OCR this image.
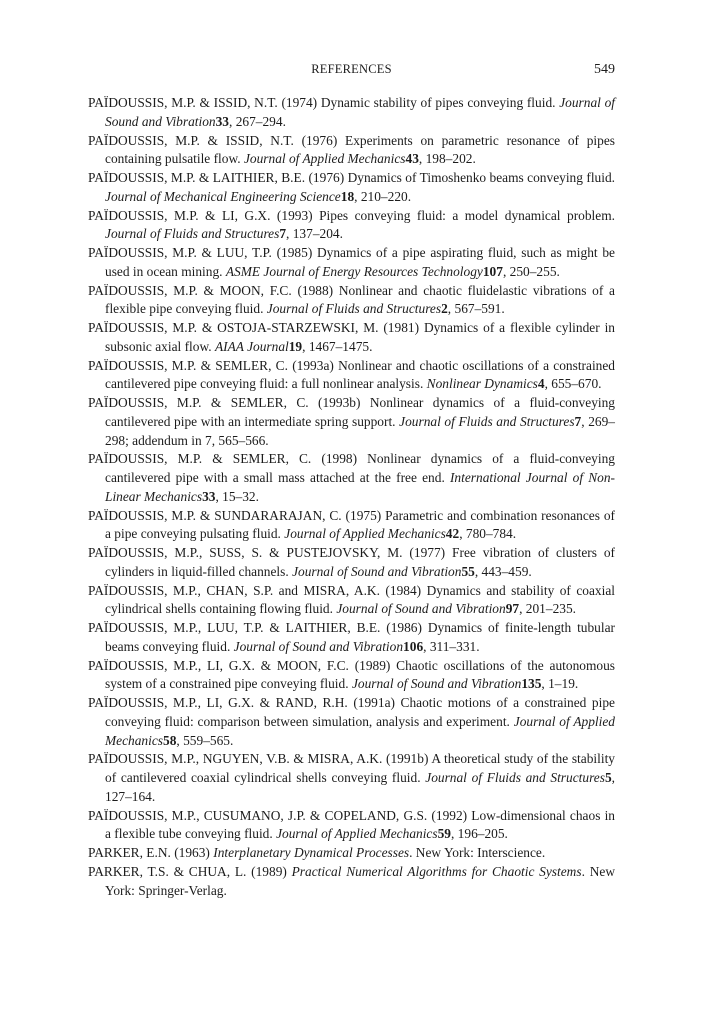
REFERENCES	549
PAÏDOUSSIS, M.P. & ISSID, N.T. (1974) Dynamic stability of pipes conveying fluid. Journal of Sound and Vibration33, 267–294.
PAÏDOUSSIS, M.P. & ISSID, N.T. (1976) Experiments on parametric resonance of pipes containing pulsatile flow. Journal of Applied Mechanics43, 198–202.
PAÏDOUSSIS, M.P. & LAITHIER, B.E. (1976) Dynamics of Timoshenko beams conveying fluid. Journal of Mechanical Engineering Science18, 210–220.
PAÏDOUSSIS, M.P. & LI, G.X. (1993) Pipes conveying fluid: a model dynamical problem. Journal of Fluids and Structures7, 137–204.
PAÏDOUSSIS, M.P. & LUU, T.P. (1985) Dynamics of a pipe aspirating fluid, such as might be used in ocean mining. ASME Journal of Energy Resources Technology107, 250–255.
PAÏDOUSSIS, M.P. & MOON, F.C. (1988) Nonlinear and chaotic fluidelastic vibrations of a flexible pipe conveying fluid. Journal of Fluids and Structures2, 567–591.
PAÏDOUSSIS, M.P. & OSTOJA-STARZEWSKI, M. (1981) Dynamics of a flexible cylinder in subsonic axial flow. AIAA Journal19, 1467–1475.
PAÏDOUSSIS, M.P. & SEMLER, C. (1993a) Nonlinear and chaotic oscillations of a constrained cantilevered pipe conveying fluid: a full nonlinear analysis. Nonlinear Dynamics4, 655–670.
PAÏDOUSSIS, M.P. & SEMLER, C. (1993b) Nonlinear dynamics of a fluid-conveying cantilevered pipe with an intermediate spring support. Journal of Fluids and Structures7, 269–298; addendum in 7, 565–566.
PAÏDOUSSIS, M.P. & SEMLER, C. (1998) Nonlinear dynamics of a fluid-conveying cantilevered pipe with a small mass attached at the free end. International Journal of Non-Linear Mechanics33, 15–32.
PAÏDOUSSIS, M.P. & SUNDARARAJAN, C. (1975) Parametric and combination resonances of a pipe conveying pulsating fluid. Journal of Applied Mechanics42, 780–784.
PAÏDOUSSIS, M.P., SUSS, S. & PUSTEJOVSKY, M. (1977) Free vibration of clusters of cylinders in liquid-filled channels. Journal of Sound and Vibration55, 443–459.
PAÏDOUSSIS, M.P., CHAN, S.P. and MISRA, A.K. (1984) Dynamics and stability of coaxial cylindrical shells containing flowing fluid. Journal of Sound and Vibration97, 201–235.
PAÏDOUSSIS, M.P., LUU, T.P. & LAITHIER, B.E. (1986) Dynamics of finite-length tubular beams conveying fluid. Journal of Sound and Vibration106, 311–331.
PAÏDOUSSIS, M.P., LI, G.X. & MOON, F.C. (1989) Chaotic oscillations of the autonomous system of a constrained pipe conveying fluid. Journal of Sound and Vibration135, 1–19.
PAÏDOUSSIS, M.P., LI, G.X. & RAND, R.H. (1991a) Chaotic motions of a constrained pipe conveying fluid: comparison between simulation, analysis and experiment. Journal of Applied Mechanics58, 559–565.
PAÏDOUSSIS, M.P., NGUYEN, V.B. & MISRA, A.K. (1991b) A theoretical study of the stability of cantilevered coaxial cylindrical shells conveying fluid. Journal of Fluids and Structures5, 127–164.
PAÏDOUSSIS, M.P., CUSUMANO, J.P. & COPELAND, G.S. (1992) Low-dimensional chaos in a flexible tube conveying fluid. Journal of Applied Mechanics59, 196–205.
PARKER, E.N. (1963) Interplanetary Dynamical Processes. New York: Interscience.
PARKER, T.S. & CHUA, L. (1989) Practical Numerical Algorithms for Chaotic Systems. New York: Springer-Verlag.
